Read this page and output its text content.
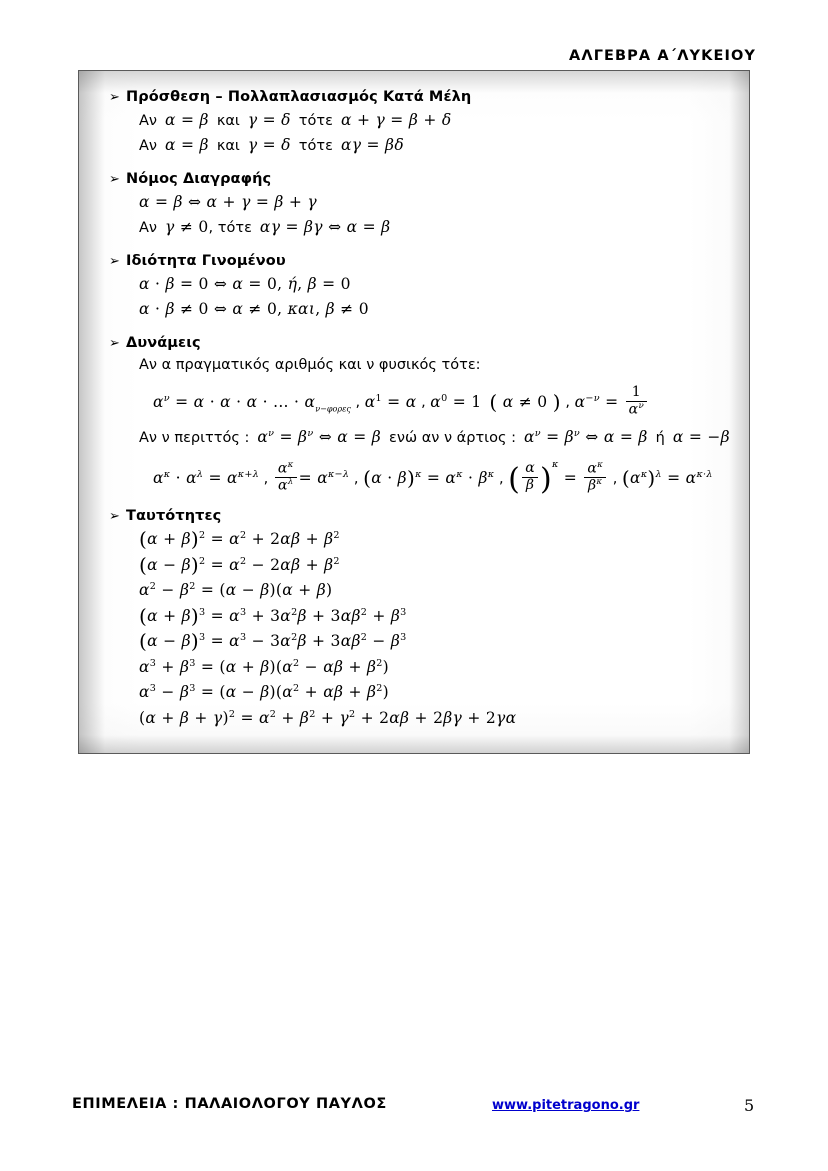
ΑΛΓΕΒΡΑ Α΄ΛΥΚΕΙΟΥ
➢ Πρόσθεση – Πολλαπλασιασμός Κατά Μέλη
Αν α = β και γ = δ τότε α + γ = β + δ
Αν α = β και γ = δ τότε αγ = βδ
➢ Νόμος Διαγραφής
α = β ⇔ α + γ = β + γ
Αν γ ≠ 0, τότε αγ = βγ ⇔ α = β
➢ Ιδιότητα Γινομένου
α · β = 0 ⇔ α = 0, ή, β = 0
α · β ≠ 0 ⇔ α ≠ 0, και, β ≠ 0
➢ Δυνάμεις
Αν α πραγματικός αριθμός και ν φυσικός τότε:
$\alpha^\nu = \alpha \cdot \alpha \cdot \alpha$ · ... · $\alpha_{\nu-\varphi o\rho\varepsilon\varsigma}$ , $\alpha^1 = \alpha$ , $\alpha^0 = 1$ ( α ≠ 0 ) , $\alpha^{-\nu} = \frac{1}{\alpha^\nu}$
Αν ν περιττός : $\alpha^\nu = \beta^\nu$ ⇔ α = β ενώ αν ν άρτιος : $\alpha^\nu = \beta^\nu$ ⇔ α = β ή α = −β
$\alpha^\kappa \cdot \alpha^\lambda = \alpha^{\kappa+\lambda}$ , $\frac{\alpha^\kappa}{\alpha^\lambda} = \alpha^{\kappa-\lambda}$ , $(\alpha \cdot \beta)^\kappa = \alpha^\kappa \cdot \beta^\kappa$ , ( $\frac{\alpha}{\beta} )^\kappa = \frac{\alpha^\kappa}{\beta^\kappa}$ , $(\alpha^\kappa)^\lambda = \alpha^{\kappa\cdot\lambda}$
➢ Ταυτότητες
$(\alpha + \beta)^2 = \alpha^2 + 2\alpha\beta + \beta^2$
$(\alpha - \beta)^2 = \alpha^2 - 2\alpha\beta + \beta^2$
$\alpha^2 - \beta^2 = (\alpha - \beta)(\alpha + \beta)$
$(\alpha + \beta)^3 = \alpha^3 + 3\alpha^2\beta + 3\alpha\beta^2 + \beta^3$
$(\alpha - \beta)^3 = \alpha^3 - 3\alpha^2\beta + 3\alpha\beta^2 - \beta^3$
$\alpha^3 + \beta^3 = (\alpha + \beta)(\alpha^2 - \alpha\beta + \beta^2)$
$\alpha^3 - \beta^3 = (\alpha - \beta)(\alpha^2 + \alpha\beta + \beta^2)$
$(\alpha + \beta + \gamma)^2 = \alpha^2 + \beta^2 + \gamma^2 + 2\alpha\beta + 2\beta\gamma + 2\gamma\alpha$
ΕΠΙΜΕΛΕΙΑ : ΠΑΛΑΙΟΛΟΓΟΥ ΠΑΥΛΟΣ	www.pitetragono.gr	5
